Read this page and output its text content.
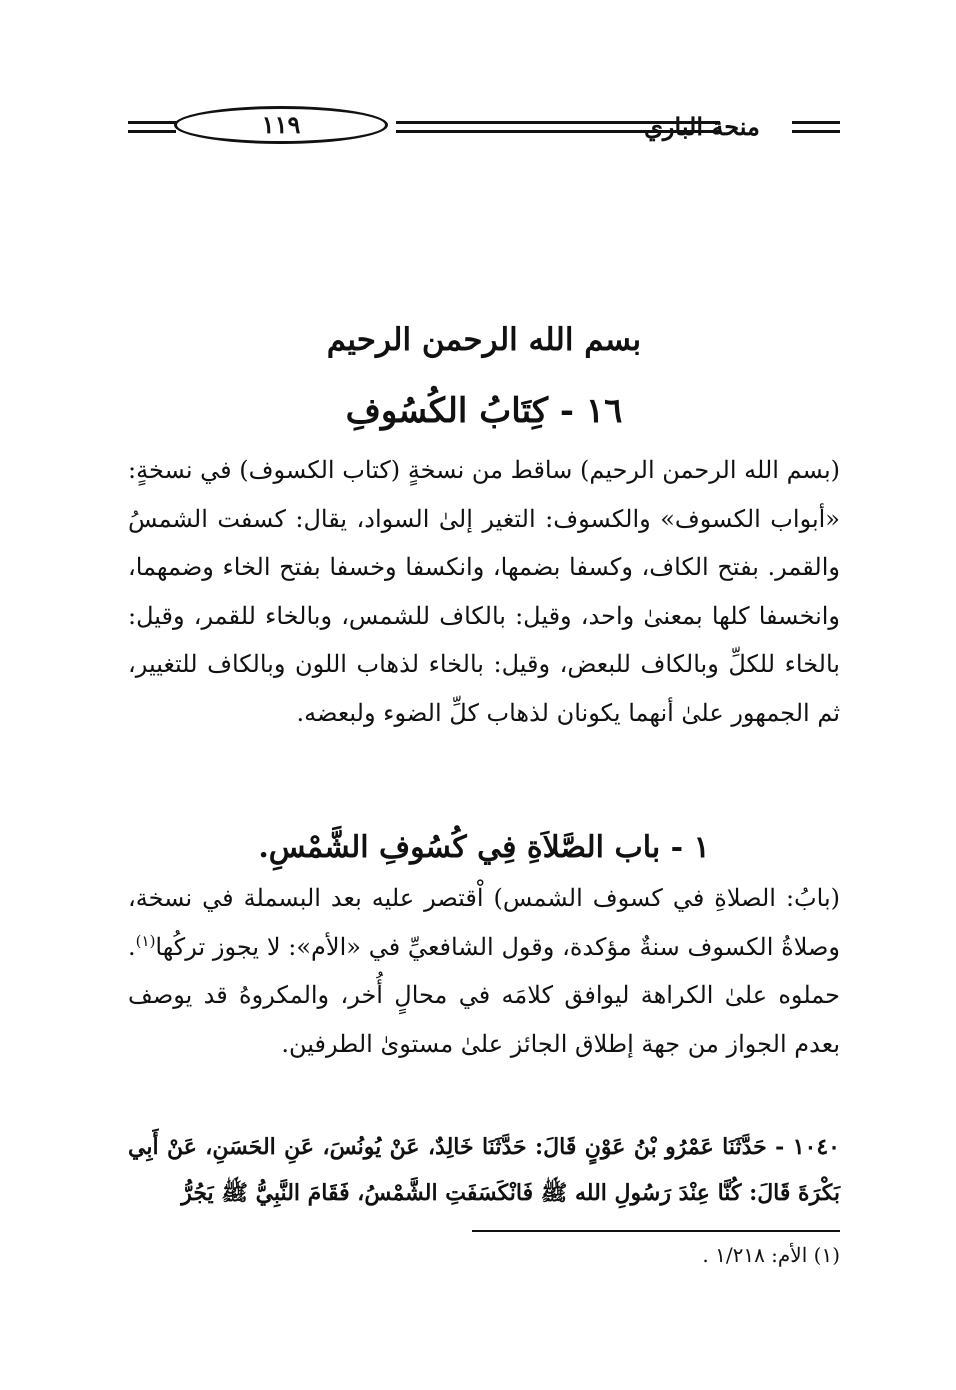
منحة الباري
١١٩
بسم الله الرحمن الرحيم
١٦ - كِتَابُ الكُسُوفِ

(بسم الله الرحمن الرحيم) ساقط من نسخةٍ (كتاب الكسوف) في نسخةٍ: «أبواب الكسوف» والكسوف: التغير إلىٰ السواد، يقال: كسفت الشمسُ والقمر. بفتح الكاف، وكسفا بضمها، وانكسفا وخسفا بفتح الخاء وضمهما، وانخسفا كلها بمعنىٰ واحد، وقيل: بالكاف للشمس، وبالخاء للقمر، وقيل: بالخاء للكلِّ وبالكاف للبعض، وقيل: بالخاء لذهاب اللون وبالكاف للتغيير، ثم الجمهور علىٰ أنهما يكونان لذهاب كلِّ الضوء ولبعضه.

١ - باب الصَّلاَةِ فِي كُسُوفِ الشَّمْسِ.

(بابُ: الصلاةِ في كسوف الشمس) اْقتصر عليه بعد البسملة في نسخة، وصلاةُ الكسوف سنةٌ مؤكدة، وقول الشافعيِّ في «الأم»: لا يجوز تركُها$^{(١)}$. حملوه علىٰ الكراهة ليوافق كلامَه في محالٍ أُخر، والمكروهُ قد يوصف بعدم الجواز من جهة إطلاق الجائز علىٰ مستوىٰ الطرفين.

١٠٤٠ - حَدَّثَنَا عَمْرُو بْنُ عَوْنٍ قَالَ: حَدَّثَنَا خَالِدٌ، عَنْ يُونُسَ، عَنِ الحَسَنِ، عَنْ أَبِي بَكْرَةَ قَالَ: كُنَّا عِنْدَ رَسُولِ الله ﷺ فَانْكَسَفَتِ الشَّمْسُ، فَقَامَ النَّبِيُّ ﷺ يَجُرُّ

(١) الأم: ١/٢١٨ .
